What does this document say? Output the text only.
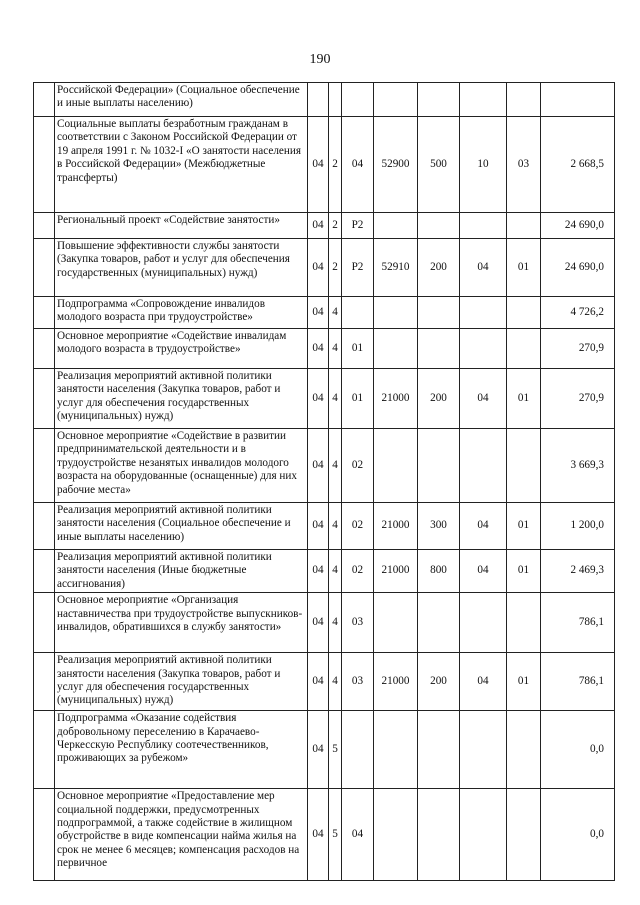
190
	Российской Федерации» (Социальное обеспечение и иные выплаты населению)								
	Социальные выплаты безработным гражданам в соответствии с Законом Российской Федерации от 19 апреля 1991 г. № 1032-I «О занятости населения в Российской Федерации» (Межбюджетные трансферты)	04	2	04	52900	500	10	03	2 668,5
	Региональный проект «Содействие занятости»	04	2	P2					24 690,0
	Повышение эффективности службы занятости (Закупка товаров, работ и услуг для обеспечения государственных (муниципальных) нужд)	04	2	P2	52910	200	04	01	24 690,0
	Подпрограмма «Сопровождение инвалидов молодого возраста при трудоустройстве»	04	4						4 726,2
	Основное мероприятие «Содействие инвалидам молодого возраста в трудоустройстве»	04	4	01					270,9
	Реализация мероприятий активной политики занятости населения (Закупка товаров, работ и услуг для обеспечения государственных (муниципальных) нужд)	04	4	01	21000	200	04	01	270,9
	Основное мероприятие «Содействие в развитии предпринимательской деятельности и в трудоустройстве незанятых инвалидов молодого возраста на оборудованные (оснащенные) для них рабочие места»	04	4	02					3 669,3
	Реализация мероприятий активной политики занятости населения (Социальное обеспечение и иные выплаты населению)	04	4	02	21000	300	04	01	1 200,0
	Реализация мероприятий активной политики занятости населения (Иные бюджетные ассигнования)	04	4	02	21000	800	04	01	2 469,3
	Основное мероприятие «Организация наставничества при трудоустройстве выпускников-инвалидов, обратившихся в службу занятости»	04	4	03					786,1
	Реализация мероприятий активной политики занятости населения (Закупка товаров, работ и услуг для обеспечения государственных (муниципальных) нужд)	04	4	03	21000	200	04	01	786,1
	Подпрограмма «Оказание содействия добровольному переселению в Карачаево-Черкесскую Республику соотечественников, проживающих за рубежом»	04	5						0,0
	Основное мероприятие «Предоставление мер социальной поддержки, предусмотренных подпрограммой, а также содействие в жилищном обустройстве в виде компенсации найма жилья на срок не менее 6 месяцев; компенсация расходов на первичное	04	5	04					0,0
